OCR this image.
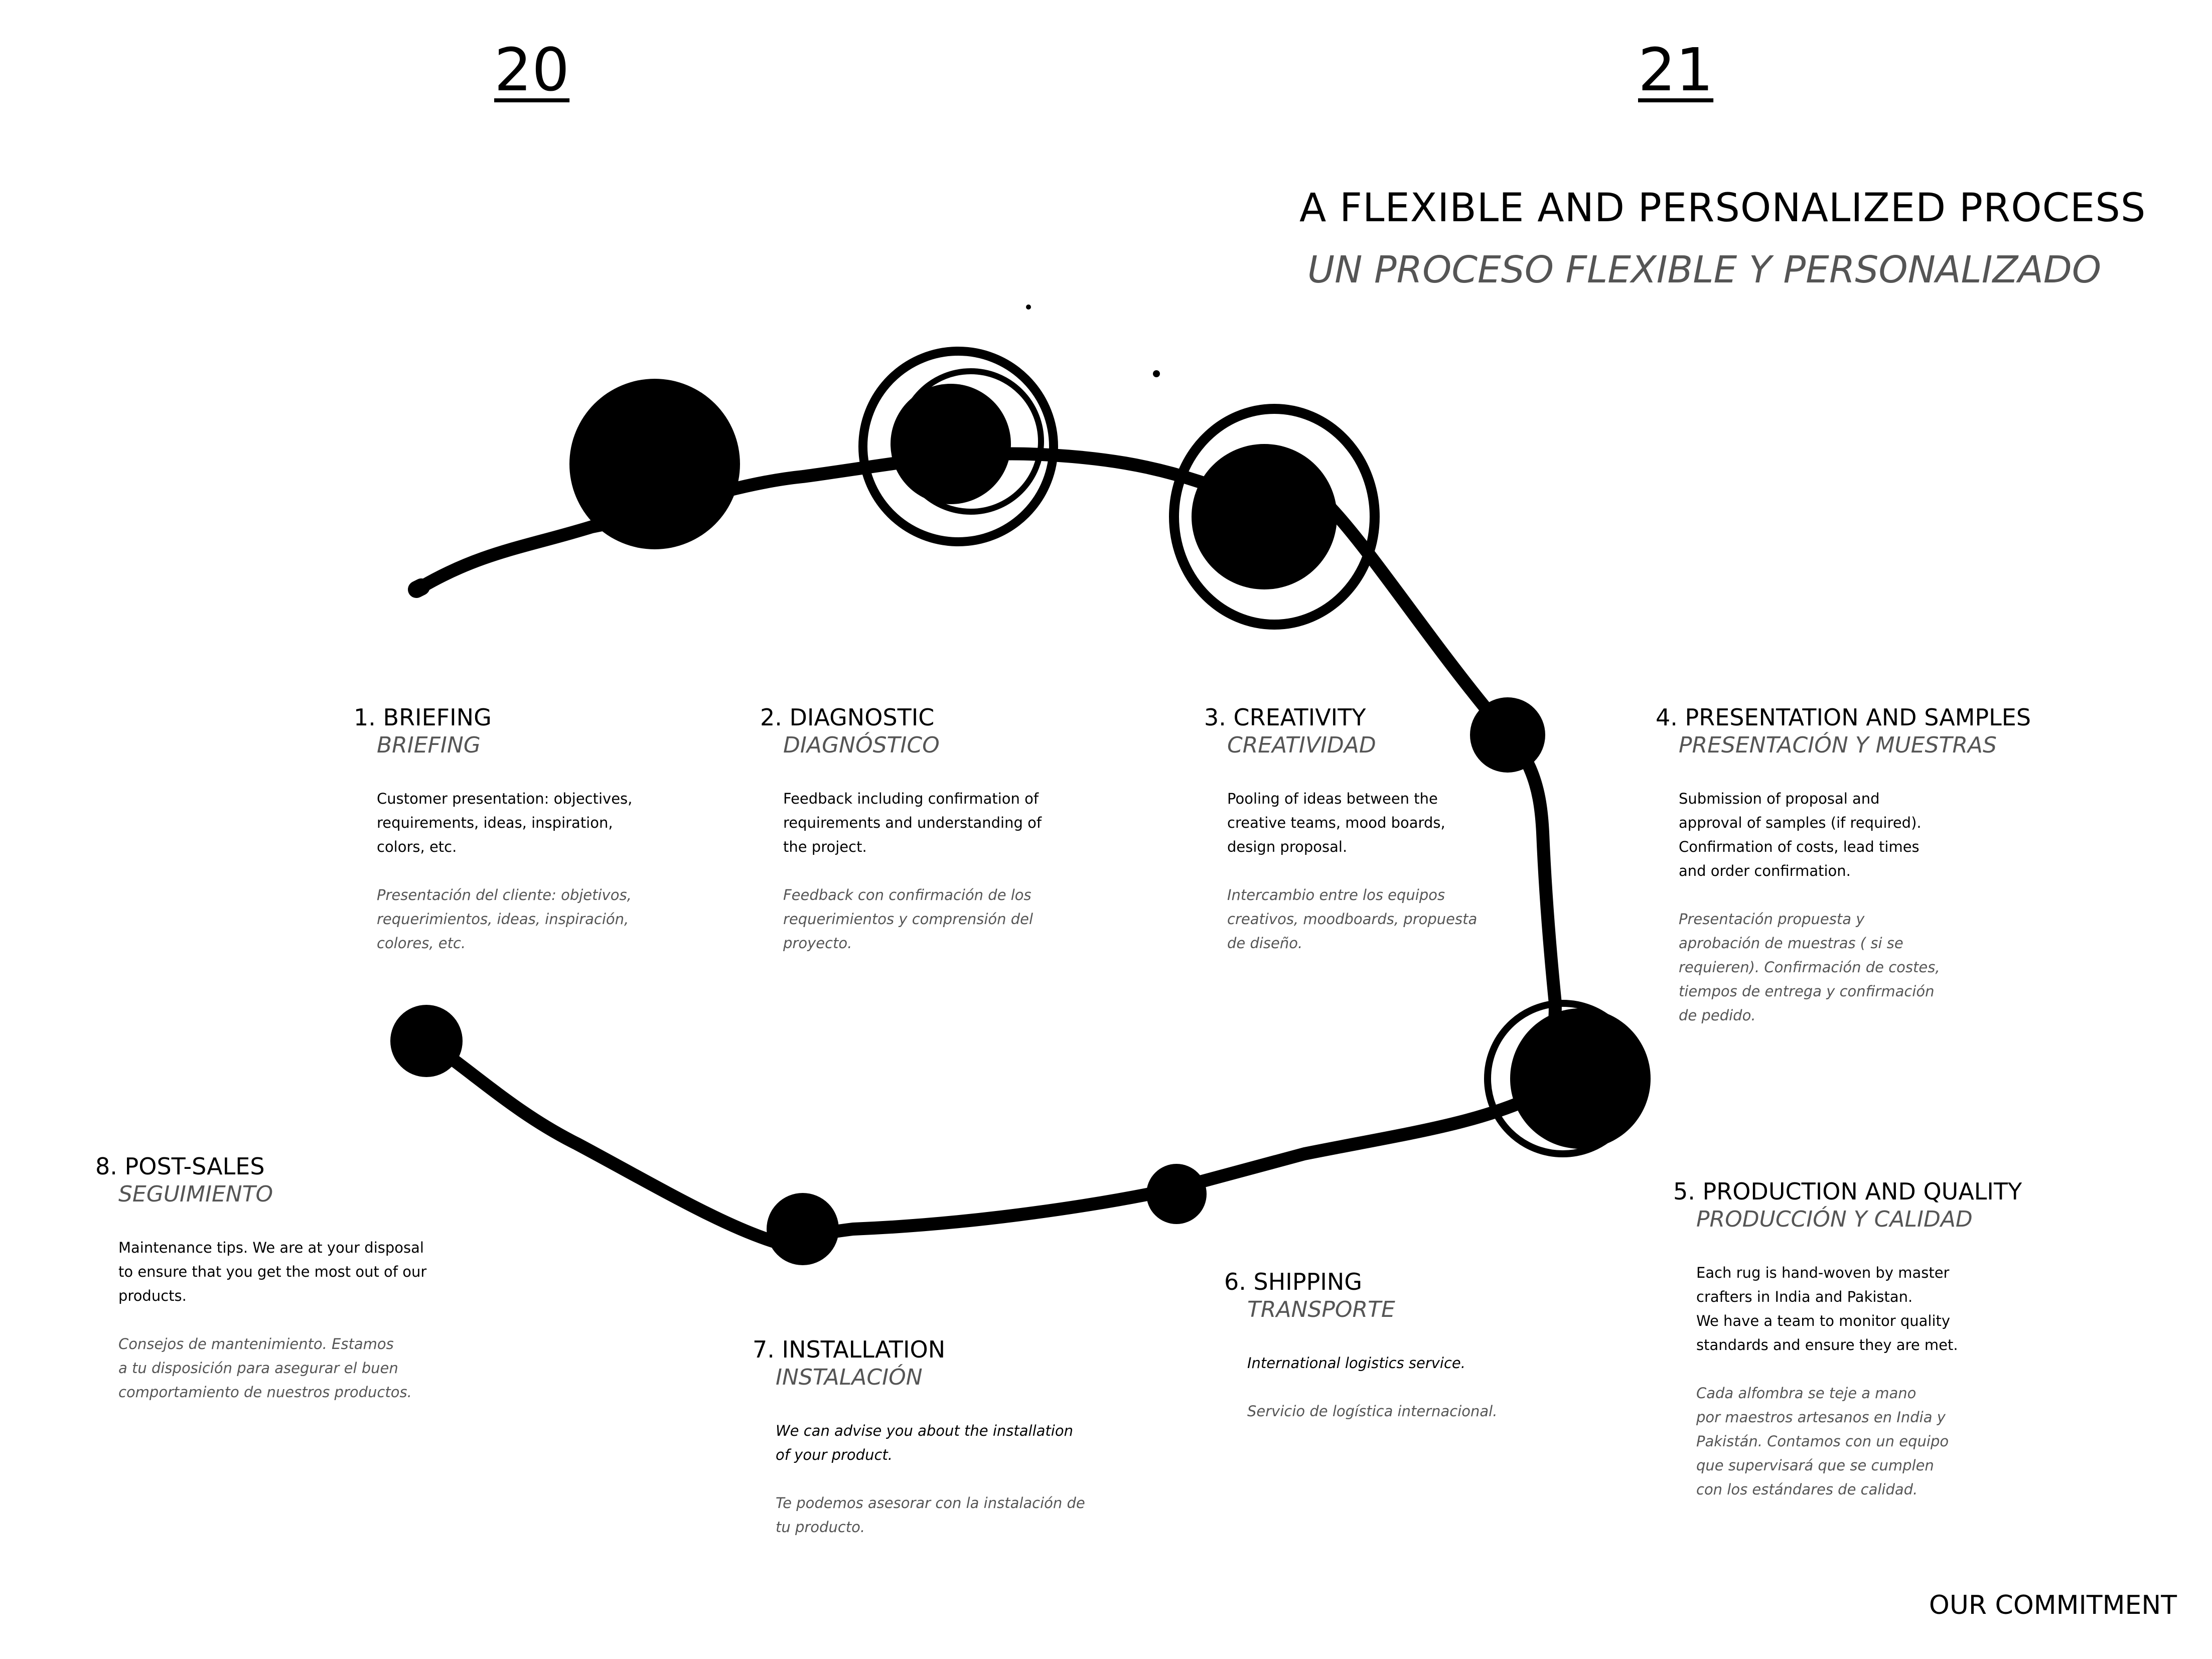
20	21
A FLEXIBLE AND PERSONALIZED PROCESS
UN PROCESO FLEXIBLE Y PERSONALIZADO
1. BRIEFING
BRIEFING
Customer presentation: objectives,
requirements, ideas, inspiration,
colors, etc.
Presentación del cliente: objetivos,
requerimientos, ideas, inspiración,
colores, etc.
2. DIAGNOSTIC
DIAGNÓSTICO
Feedback including confirmation of
requirements and understanding of
the project.
Feedback con confirmación de los
requerimientos y comprensión del
proyecto.
3. CREATIVITY
CREATIVIDAD
Pooling of ideas between the
creative teams, mood boards,
design proposal.
Intercambio entre los equipos
creativos, moodboards, propuesta
de diseño.
4. PRESENTATION AND SAMPLES
PRESENTACIÓN Y MUESTRAS
Submission of proposal and
approval of samples (if required).
Confirmation of costs, lead times
and order confirmation.
Presentación propuesta y
aprobación de muestras ( si se
requieren). Confirmación de costes,
tiempos de entrega y confirmación
de pedido.
5. PRODUCTION AND QUALITY
PRODUCCIÓN Y CALIDAD
Each rug is hand-woven by master
crafters in India and Pakistan.
We have a team to monitor quality
standards and ensure they are met.
Cada alfombra se teje a mano
por maestros artesanos en India y
Pakistán. Contamos con un equipo
que supervisará que se cumplen
con los estándares de calidad.
6. SHIPPING
TRANSPORTE
International logistics service.
Servicio de logística internacional.
7. INSTALLATION
INSTALACIÓN
We can advise you about the installation
of your product.
Te podemos asesorar con la instalación de
tu producto.
8. POST-SALES
SEGUIMIENTO
Maintenance tips. We are at your disposal
to ensure that you get the most out of our
products.
Consejos de mantenimiento. Estamos
a tu disposición para asegurar el buen
comportamiento de nuestros productos.
OUR COMMITMENT
